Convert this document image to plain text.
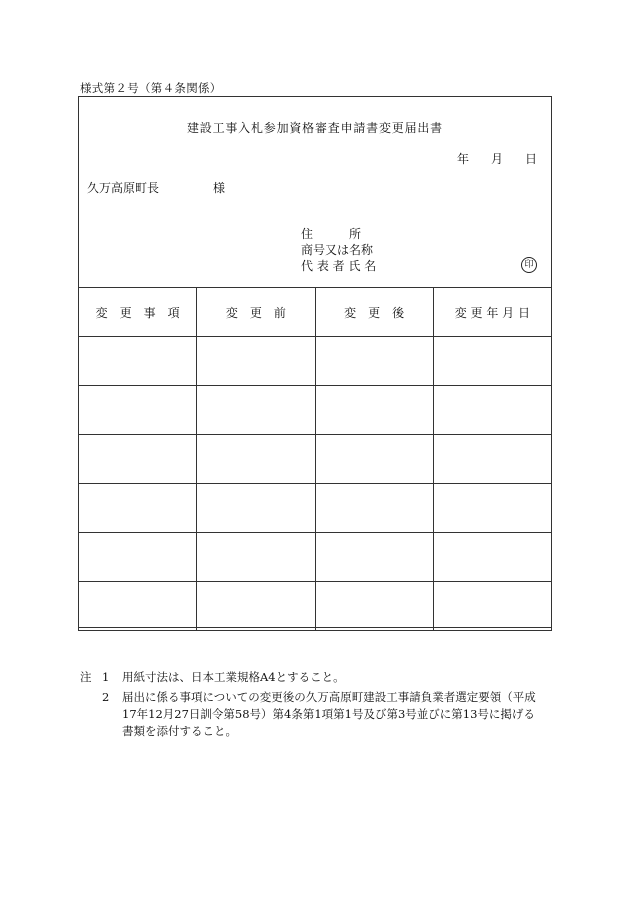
様式第２号（第４条関係）
建設工事入札参加資格審査申請書変更届出書
年 月 日
久万高原町長	様
住　　　所
商号又は名称
代 表 者 氏 名	印
変　更　事　項	変　更　前	変　更　後	変 更 年 月 日

注 1 用紙寸法は、日本工業規格A4とすること。
2 届出に係る事項についての変更後の久万高原町建設工事請負業者選定要領（平成17年12月27日訓令第58号）第4条第1項第1号及び第3号並びに第13号に掲げる書類を添付すること。
